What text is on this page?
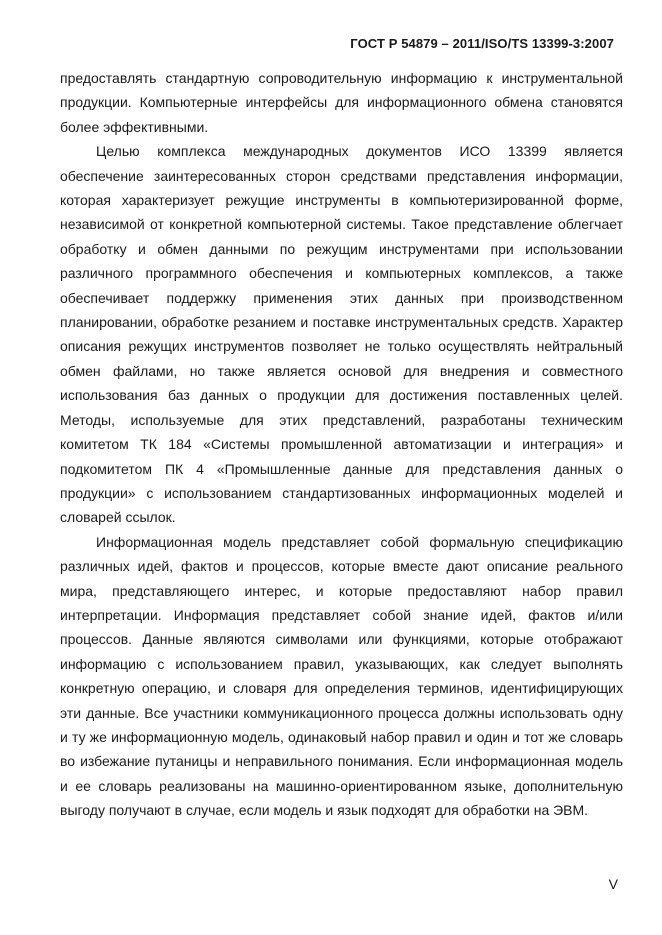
ГОСТ Р 54879 – 2011/ISO/TS 13399-3:2007

предоставлять стандартную сопроводительную информацию к инструментальной продукции. Компьютерные интерфейсы для информационного обмена становятся более эффективными.

Целью комплекса международных документов ИСО 13399 является обеспечение заинтересованных сторон средствами представления информации, которая характеризует режущие инструменты в компьютеризированной форме, независимой от конкретной компьютерной системы. Такое представление облегчает обработку и обмен данными по режущим инструментами при использовании различного программного обеспечения и компьютерных комплексов, а также обеспечивает поддержку применения этих данных при производственном планировании, обработке резанием и поставке инструментальных средств. Характер описания режущих инструментов позволяет не только осуществлять нейтральный обмен файлами, но также является основой для внедрения и совместного использования баз данных о продукции для достижения поставленных целей. Методы, используемые для этих представлений, разработаны техническим комитетом ТК 184 «Системы промышленной автоматизации и интеграция» и подкомитетом ПК 4 «Промышленные данные для представления данных о продукции» с использованием стандартизованных информационных моделей и словарей ссылок.

Информационная модель представляет собой формальную спецификацию различных идей, фактов и процессов, которые вместе дают описание реального мира, представляющего интерес, и которые предоставляют набор правил интерпретации. Информация представляет собой знание идей, фактов и/или процессов. Данные являются символами или функциями, которые отображают информацию с использованием правил, указывающих, как следует выполнять конкретную операцию, и словаря для определения терминов, идентифицирующих эти данные. Все участники коммуникационного процесса должны использовать одну и ту же информационную модель, одинаковый набор правил и один и тот же словарь во избежание путаницы и неправильного понимания. Если информационная модель и ее словарь реализованы на машинно-ориентированном языке, дополнительную выгоду получают в случае, если модель и язык подходят для обработки на ЭВМ.

V
